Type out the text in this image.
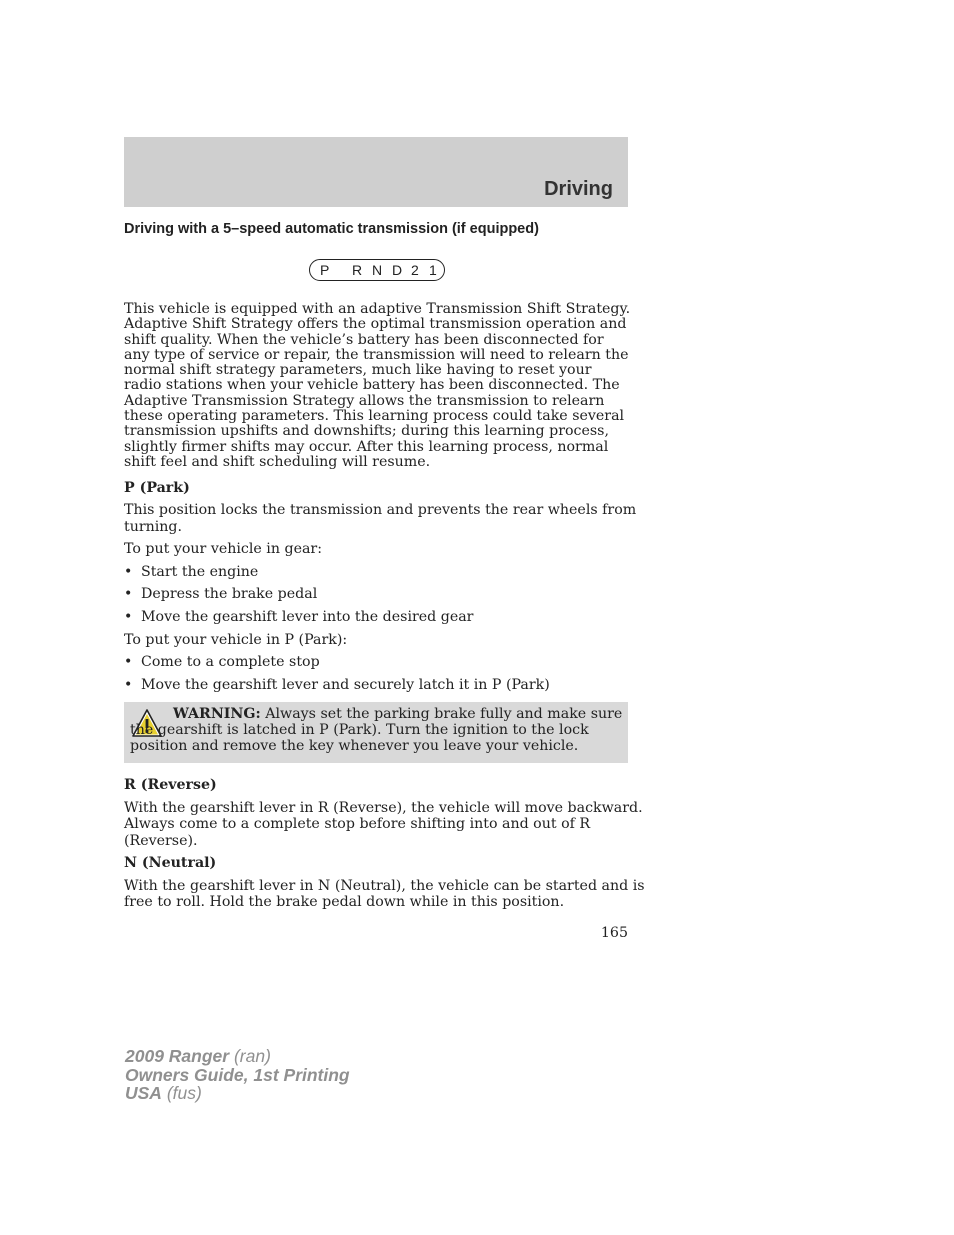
Driving
Driving with a 5–speed automatic transmission (if equipped)
P R N D 2 1

This vehicle is equipped with an adaptive Transmission Shift Strategy. Adaptive Shift Strategy offers the optimal transmission operation and shift quality. When the vehicle’s battery has been disconnected for any type of service or repair, the transmission will need to relearn the normal shift strategy parameters, much like having to reset your radio stations when your vehicle battery has been disconnected. The Adaptive Transmission Strategy allows the transmission to relearn these operating parameters. This learning process could take several transmission upshifts and downshifts; during this learning process, slightly firmer shifts may occur. After this learning process, normal shift feel and shift scheduling will resume.

P (Park)
This position locks the transmission and prevents the rear wheels from
turning.
To put your vehicle in gear:
• Start the engine
• Depress the brake pedal
• Move the gearshift lever into the desired gear
To put your vehicle in P (Park):
• Come to a complete stop
• Move the gearshift lever and securely latch it in P (Park)
WARNING: Always set the parking brake fully and make sure the gearshift is latched in P (Park). Turn the ignition to the lock position and remove the key whenever you leave your vehicle.
R (Reverse)
With the gearshift lever in R (Reverse), the vehicle will move backward.
Always come to a complete stop before shifting into and out of R
(Reverse).
N (Neutral)
With the gearshift lever in N (Neutral), the vehicle can be started and is
free to roll. Hold the brake pedal down while in this position.
165
2009 Ranger (ran)
Owners Guide, 1st Printing
USA (fus)
